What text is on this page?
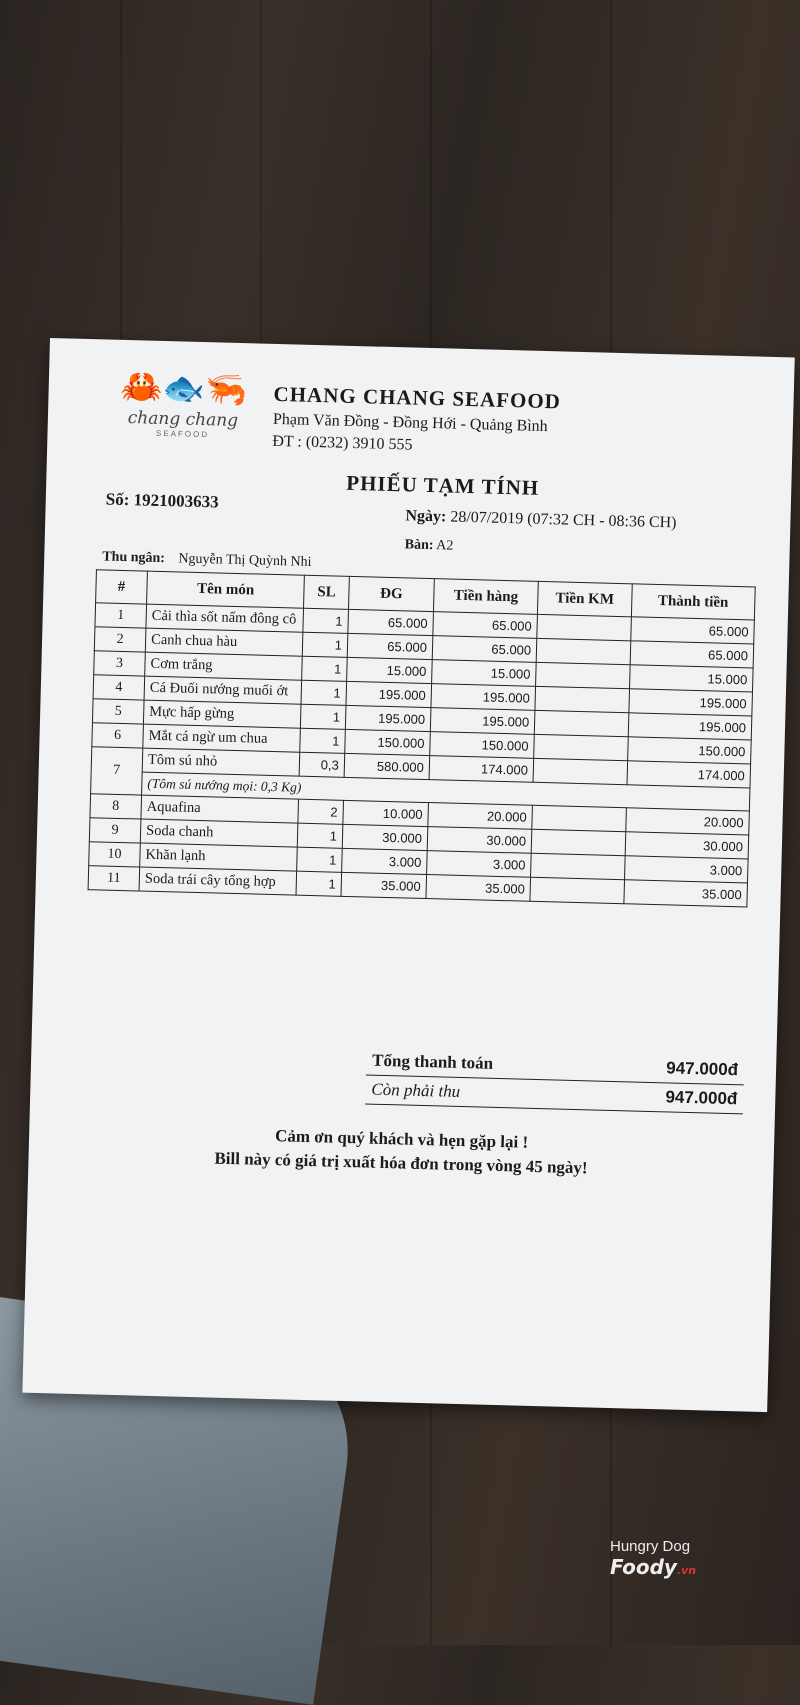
🦀🐟🦐
chang chang
SEAFOOD
CHANG CHANG SEAFOOD
Phạm Văn Đồng - Đồng Hới - Quảng Bình
ĐT : (0232) 3910 555
PHIẾU TẠM TÍNH
Số: 1921003633
Ngày: 28/07/2019 (07:32 CH - 08:36 CH)
Bàn: A2
Thu ngân: Nguyễn Thị Quỳnh Nhi
#	Tên món	SL	ĐG	Tiền hàng	Tiền KM	Thành tiền
1	Cải thìa sốt nấm đông cô	1	65.000	65.000		65.000
2	Canh chua hàu	1	65.000	65.000		65.000
3	Cơm trắng	1	15.000	15.000		15.000
4	Cá Đuối nướng muối ớt	1	195.000	195.000		195.000
5	Mực hấp gừng	1	195.000	195.000		195.000
6	Mắt cá ngừ um chua	1	150.000	150.000		150.000
7	Tôm sú nhỏ	0,3	580.000	174.000		174.000
	(Tôm sú nướng mọi: 0,3 Kg)					
8	Aquafina	2	10.000	20.000		20.000
9	Soda chanh	1	30.000	30.000		30.000
10	Khăn lạnh	1	3.000	3.000		3.000
11	Soda trái cây tổng hợp	1	35.000	35.000		35.000
Tổng thanh toán	947.000đ
Còn phải thu	947.000đ
Cảm ơn quý khách và hẹn gặp lại !
Bill này có giá trị xuất hóa đơn trong vòng 45 ngày!
Hungry Dog
Foody.vn
